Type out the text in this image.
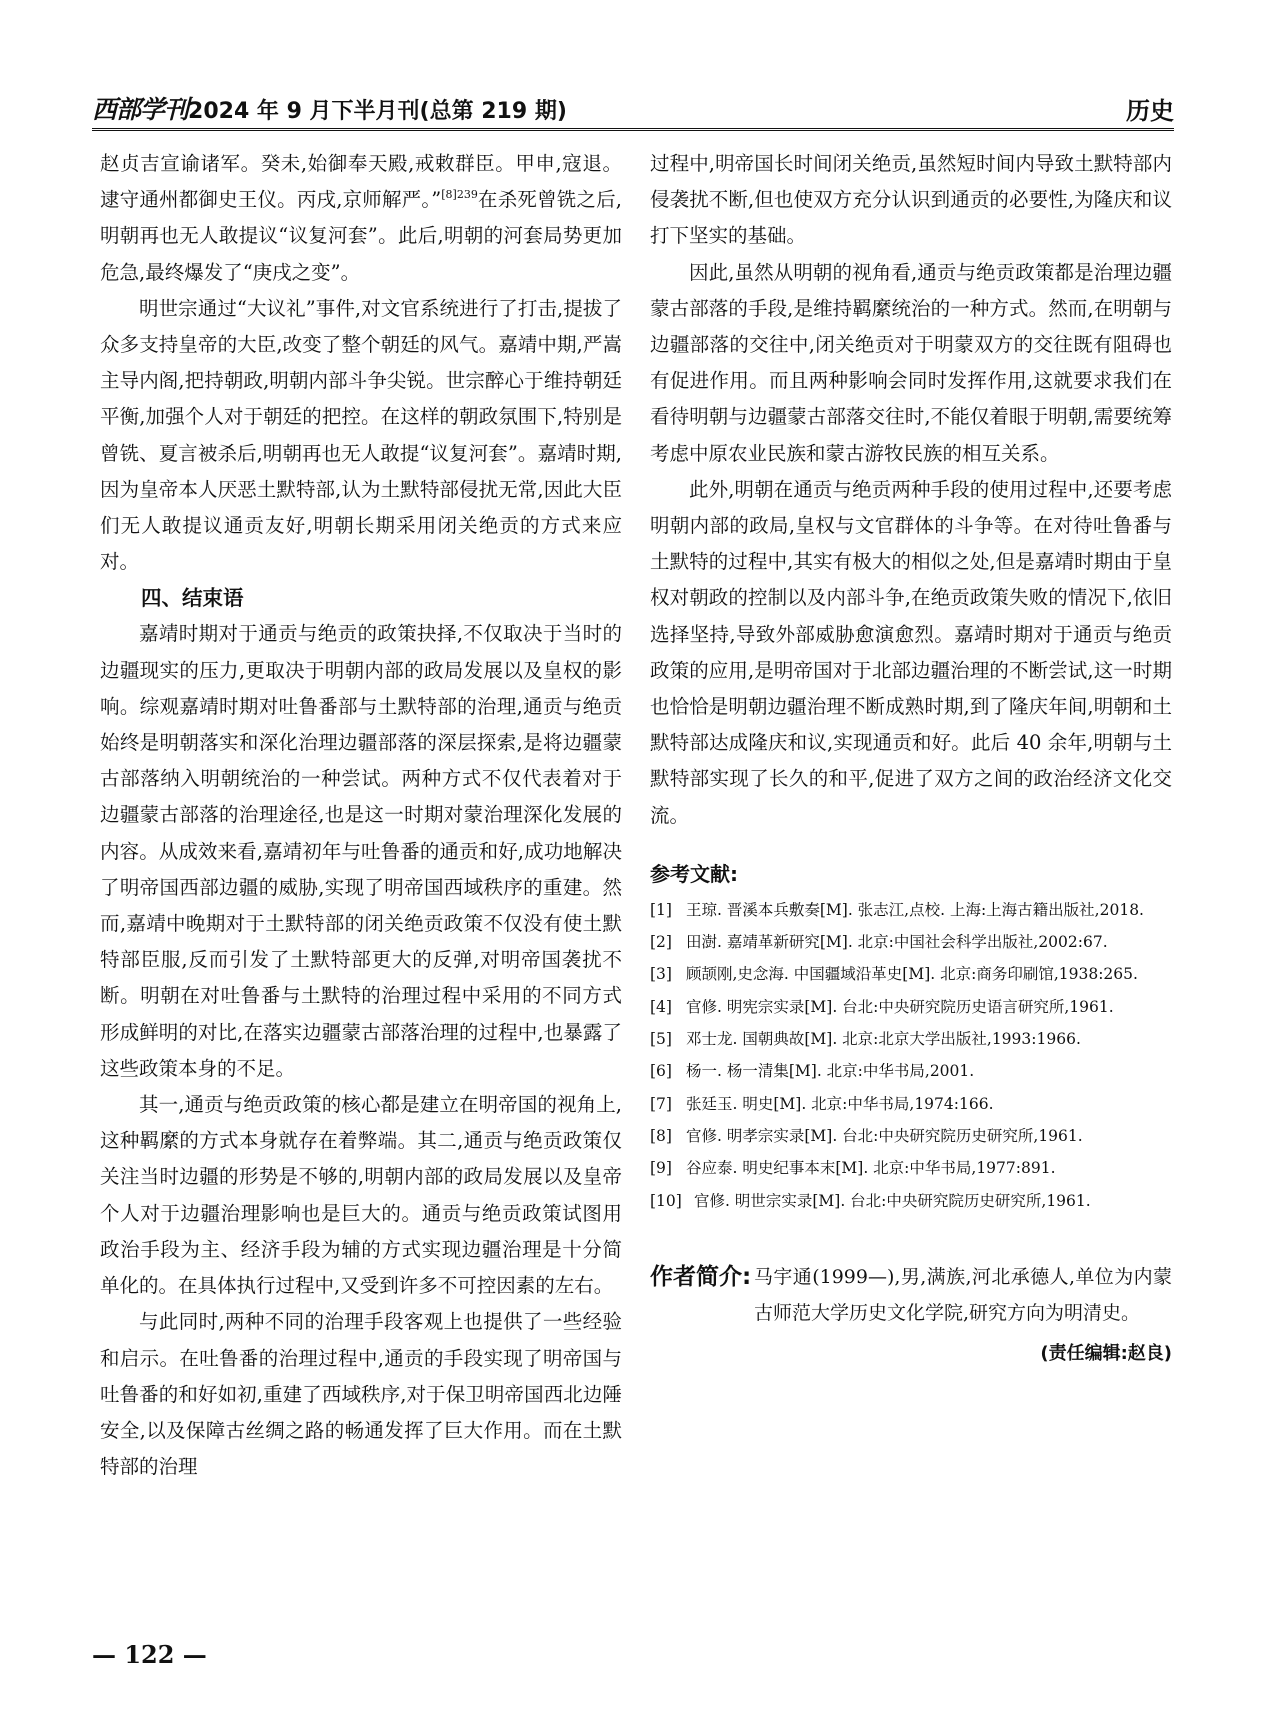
西部学刊 2024 年 9 月下半月刊(总第 219 期)	历史

赵贞吉宣谕诸军。癸未,始御奉天殿,戒敕群臣。甲申,寇退。逮守通州都御史王仪。丙戌,京师解严。”$^{[8]239}$在杀死曾铣之后,明朝再也无人敢提议“议复河套”。此后,明朝的河套局势更加危急,最终爆发了“庚戌之变”。

明世宗通过“大议礼”事件,对文官系统进行了打击,提拔了众多支持皇帝的大臣,改变了整个朝廷的风气。嘉靖中期,严嵩主导内阁,把持朝政,明朝内部斗争尖锐。世宗醉心于维持朝廷平衡,加强个人对于朝廷的把控。在这样的朝政氛围下,特别是曾铣、夏言被杀后,明朝再也无人敢提“议复河套”。嘉靖时期,因为皇帝本人厌恶土默特部,认为土默特部侵扰无常,因此大臣们无人敢提议通贡友好,明朝长期采用闭关绝贡的方式来应对。

四、结束语

嘉靖时期对于通贡与绝贡的政策抉择,不仅取决于当时的边疆现实的压力,更取决于明朝内部的政局发展以及皇权的影响。综观嘉靖时期对吐鲁番部与土默特部的治理,通贡与绝贡始终是明朝落实和深化治理边疆部落的深层探索,是将边疆蒙古部落纳入明朝统治的一种尝试。两种方式不仅代表着对于边疆蒙古部落的治理途径,也是这一时期对蒙治理深化发展的内容。从成效来看,嘉靖初年与吐鲁番的通贡和好,成功地解决了明帝国西部边疆的威胁,实现了明帝国西域秩序的重建。然而,嘉靖中晚期对于土默特部的闭关绝贡政策不仅没有使土默特部臣服,反而引发了土默特部更大的反弹,对明帝国袭扰不断。明朝在对吐鲁番与土默特的治理过程中采用的不同方式形成鲜明的对比,在落实边疆蒙古部落治理的过程中,也暴露了这些政策本身的不足。

其一,通贡与绝贡政策的核心都是建立在明帝国的视角上,这种羁縻的方式本身就存在着弊端。其二,通贡与绝贡政策仅关注当时边疆的形势是不够的,明朝内部的政局发展以及皇帝个人对于边疆治理影响也是巨大的。通贡与绝贡政策试图用政治手段为主、经济手段为辅的方式实现边疆治理是十分简单化的。在具体执行过程中,又受到许多不可控因素的左右。

与此同时,两种不同的治理手段客观上也提供了一些经验和启示。在吐鲁番的治理过程中,通贡的手段实现了明帝国与吐鲁番的和好如初,重建了西域秩序,对于保卫明帝国西北边陲安全,以及保障古丝绸之路的畅通发挥了巨大作用。而在土默特部的治理

过程中,明帝国长时间闭关绝贡,虽然短时间内导致土默特部内侵袭扰不断,但也使双方充分认识到通贡的必要性,为隆庆和议打下坚实的基础。

因此,虽然从明朝的视角看,通贡与绝贡政策都是治理边疆蒙古部落的手段,是维持羁縻统治的一种方式。然而,在明朝与边疆部落的交往中,闭关绝贡对于明蒙双方的交往既有阻碍也有促进作用。而且两种影响会同时发挥作用,这就要求我们在看待明朝与边疆蒙古部落交往时,不能仅着眼于明朝,需要统筹考虑中原农业民族和蒙古游牧民族的相互关系。

此外,明朝在通贡与绝贡两种手段的使用过程中,还要考虑明朝内部的政局,皇权与文官群体的斗争等。在对待吐鲁番与土默特的过程中,其实有极大的相似之处,但是嘉靖时期由于皇权对朝政的控制以及内部斗争,在绝贡政策失败的情况下,依旧选择坚持,导致外部威胁愈演愈烈。嘉靖时期对于通贡与绝贡政策的应用,是明帝国对于北部边疆治理的不断尝试,这一时期也恰恰是明朝边疆治理不断成熟时期,到了隆庆年间,明朝和土默特部达成隆庆和议,实现通贡和好。此后 40 余年,明朝与土默特部实现了长久的和平,促进了双方之间的政治经济文化交流。

参考文献:
[1] 王琼. 晋溪本兵敷奏[M]. 张志江,点校. 上海:上海古籍出版社,2018.
[2] 田澍. 嘉靖革新研究[M]. 北京:中国社会科学出版社,2002:67.
[3] 顾颉刚,史念海. 中国疆域沿革史[M]. 北京:商务印刷馆,1938:265.
[4] 官修. 明宪宗实录[M]. 台北:中央研究院历史语言研究所,1961.
[5] 邓士龙. 国朝典故[M]. 北京:北京大学出版社,1993:1966.
[6] 杨一. 杨一清集[M]. 北京:中华书局,2001.
[7] 张廷玉. 明史[M]. 北京:中华书局,1974:166.
[8] 官修. 明孝宗实录[M]. 台北:中央研究院历史研究所,1961.
[9] 谷应泰. 明史纪事本末[M]. 北京:中华书局,1977:891.
[10] 官修. 明世宗实录[M]. 台北:中央研究院历史研究所,1961.
作者简介: 马宇通(1999—),男,满族,河北承德人,单位为内蒙古师范大学历史文化学院,研究方向为明清史。
(责任编辑:赵良)
— 122 —
